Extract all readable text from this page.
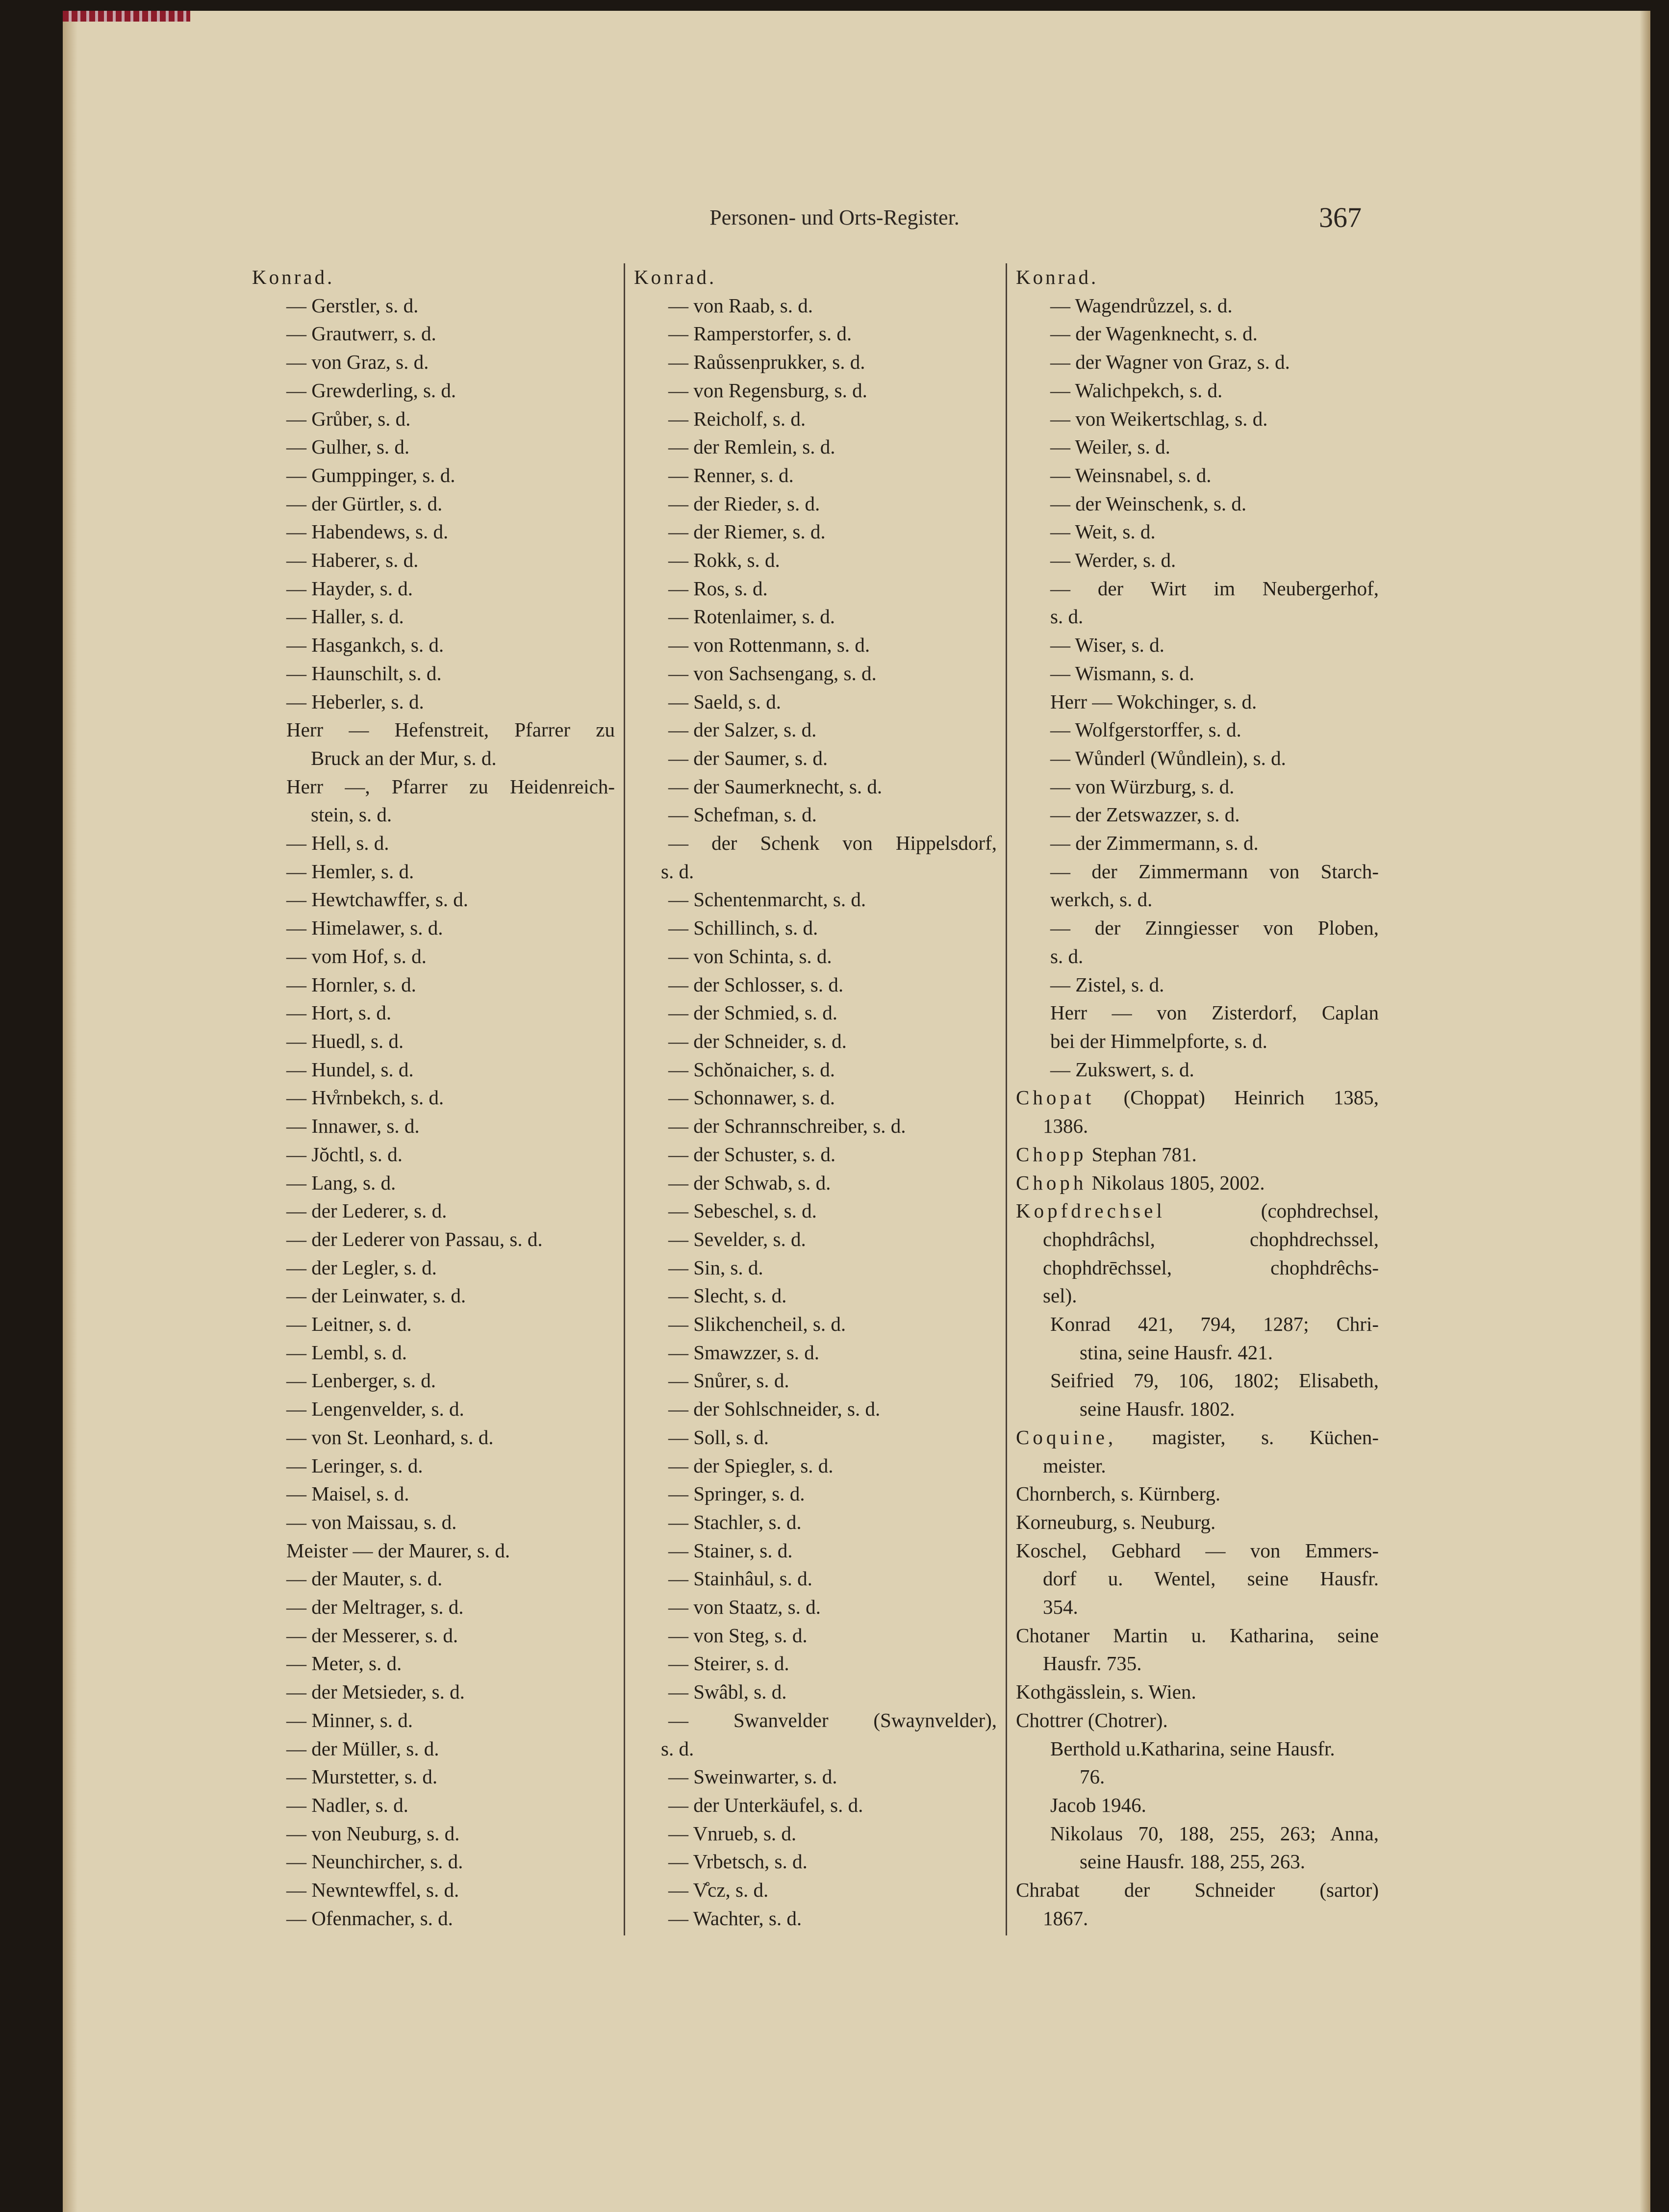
Personen- und Orts-Register.	367
Konrad.
— Gerstler, s. d.
— Grautwerr, s. d.
— von Graz, s. d.
— Grewderling, s. d.
— Grůber, s. d.
— Gulher, s. d.
— Gumppinger, s. d.
— der Gürtler, s. d.
— Habendews, s. d.
— Haberer, s. d.
— Hayder, s. d.
— Haller, s. d.
— Hasgankch, s. d.
— Haunschilt, s. d.
— Heberler, s. d.
Herr — Hefenstreit, Pfarrer zu
Bruck an der Mur, s. d.
Herr —, Pfarrer zu Heidenreich-
stein, s. d.
— Hell, s. d.
— Hemler, s. d.
— Hewtchawffer, s. d.
— Himelawer, s. d.
— vom Hof, s. d.
— Hornler, s. d.
— Hort, s. d.
— Huedl, s. d.
— Hundel, s. d.
— Hv̊rnbekch, s. d.
— Innawer, s. d.
— Jŏchtl, s. d.
— Lang, s. d.
— der Lederer, s. d.
— der Lederer von Passau, s. d.
— der Legler, s. d.
— der Leinwater, s. d.
— Leitner, s. d.
— Lembl, s. d.
— Lenberger, s. d.
— Lengenvelder, s. d.
— von St. Leonhard, s. d.
— Leringer, s. d.
— Maisel, s. d.
— von Maissau, s. d.
Meister — der Maurer, s. d.
— der Mauter, s. d.
— der Meltrager, s. d.
— der Messerer, s. d.
— Meter, s. d.
— der Metsieder, s. d.
— Minner, s. d.
— der Müller, s. d.
— Murstetter, s. d.
— Nadler, s. d.
— von Neuburg, s. d.
— Neunchircher, s. d.
— Newntewffel, s. d.
— Ofenmacher, s. d.
Konrad.
— von Raab, s. d.
— Ramperstorfer, s. d.
— Raůssenprukker, s. d.
— von Regensburg, s. d.
— Reicholf, s. d.
— der Remlein, s. d.
— Renner, s. d.
— der Rieder, s. d.
— der Riemer, s. d.
— Rokk, s. d.
— Ros, s. d.
— Rotenlaimer, s. d.
— von Rottenmann, s. d.
— von Sachsengang, s. d.
— Saeld, s. d.
— der Salzer, s. d.
— der Saumer, s. d.
— der Saumerknecht, s. d.
— Schefman, s. d.
— der Schenk von Hippelsdorf,
s. d.
— Schentenmarcht, s. d.
— Schillinch, s. d.
— von Schinta, s. d.
— der Schlosser, s. d.
— der Schmied, s. d.
— der Schneider, s. d.
— Schŏnaicher, s. d.
— Schonnawer, s. d.
— der Schrannschreiber, s. d.
— der Schuster, s. d.
— der Schwab, s. d.
— Sebeschel, s. d.
— Sevelder, s. d.
— Sin, s. d.
— Slecht, s. d.
— Slikchencheil, s. d.
— Smawzzer, s. d.
— Snůrer, s. d.
— der Sohlschneider, s. d.
— Soll, s. d.
— der Spiegler, s. d.
— Springer, s. d.
— Stachler, s. d.
— Stainer, s. d.
— Stainhâul, s. d.
— von Staatz, s. d.
— von Steg, s. d.
— Steirer, s. d.
— Swâbl, s. d.
— Swanvelder (Swaynvelder),
s. d.
— Sweinwarter, s. d.
— der Unterkäufel, s. d.
— Vnrueb, s. d.
— Vrbetsch, s. d.
— V̊cz, s. d.
— Wachter, s. d.
Konrad.
— Wagendrůzzel, s. d.
— der Wagenknecht, s. d.
— der Wagner von Graz, s. d.
— Walichpekch, s. d.
— von Weikertschlag, s. d.
— Weiler, s. d.
— Weinsnabel, s. d.
— der Weinschenk, s. d.
— Weit, s. d.
— Werder, s. d.
— der Wirt im Neubergerhof,
s. d.
— Wiser, s. d.
— Wismann, s. d.
Herr — Wokchinger, s. d.
— Wolfgerstorffer, s. d.
— Wůnderl (Wůndlein), s. d.
— von Würzburg, s. d.
— der Zetswazzer, s. d.
— der Zimmermann, s. d.
— der Zimmermann von Starch-
werkch, s. d.
— der Zinngiesser von Ploben,
s. d.
— Zistel, s. d.
Herr — von Zisterdorf, Caplan
bei der Himmelpforte, s. d.
— Zukswert, s. d.
Chopat (Choppat) Heinrich 1385,
1386.
Chopp Stephan 781.
Choph Nikolaus 1805, 2002.
Kopfdrechsel	(cophdrechsel,
chophdrâchsl, chophdrechssel,
chophdrēchssel, chophdrêchs-
sel).
Konrad 421, 794, 1287; Chri-
stina, seine Hausfr. 421.
Seifried 79, 106, 1802; Elisabeth,
seine Hausfr. 1802.
Coquine, magister, s. Küchen-
meister.
Chornberch, s. Kürnberg.
Korneuburg, s. Neuburg.
Koschel, Gebhard — von Emmers-
dorf u. Wentel, seine Hausfr.
354.
Chotaner Martin u. Katharina, seine
Hausfr. 735.
Kothgässlein, s. Wien.
Chottrer (Chotrer).
Berthold u.Katharina, seine Hausfr.
76.
Jacob 1946.
Nikolaus 70, 188, 255, 263; Anna,
seine Hausfr. 188, 255, 263.
Chrabat der Schneider (sartor)
1867.
